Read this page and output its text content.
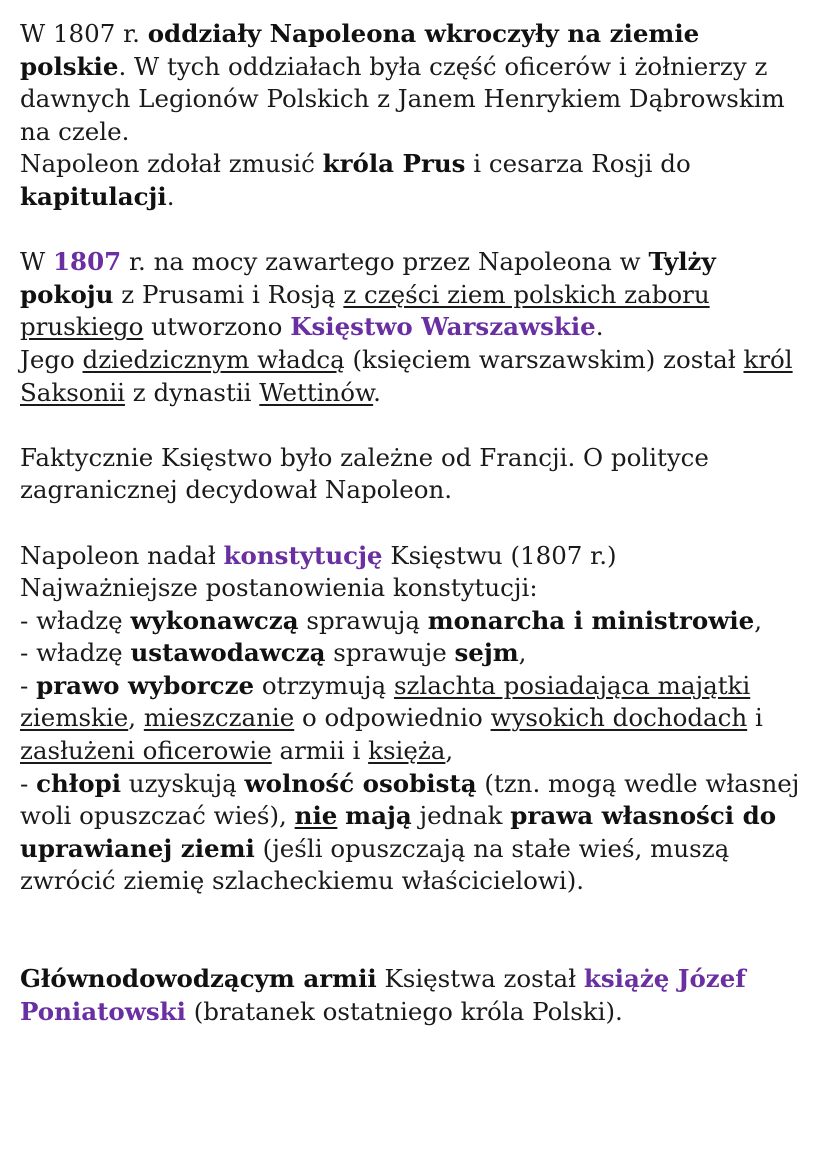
W 1807 r. oddziały Napoleona wkroczyły na ziemie polskie. W tych oddziałach była część oficerów i żołnierzy z dawnych Legionów Polskich z Janem Henrykiem Dąbrowskim na czele.
Napoleon zdołał zmusić króla Prus i cesarza Rosji do kapitulacji.

W 1807 r. na mocy zawartego przez Napoleona w Tylży pokoju z Prusami i Rosją z części ziem polskich zaboru pruskiego utworzono Księstwo Warszawskie.
Jego dziedzicznym władcą (księciem warszawskim) został król Saksonii z dynastii Wettinów.

Faktycznie Księstwo było zależne od Francji. O polityce zagranicznej decydował Napoleon.

Napoleon nadał konstytucję Księstwu (1807 r.)
Najważniejsze postanowienia konstytucji:
- władzę wykonawczą sprawują monarcha i ministrowie,
- władzę ustawodawczą sprawuje sejm,
- prawo wyborcze otrzymują szlachta posiadająca majątki ziemskie, mieszczanie o odpowiednio wysokich dochodach i zasłużeni oficerowie armii i księża,
- chłopi uzyskują wolność osobistą (tzn. mogą wedle własnej woli opuszczać wieś), nie mają jednak prawa własności do uprawianej ziemi (jeśli opuszczają na stałe wieś, muszą zwrócić ziemię szlacheckiemu właścicielowi).

Głównodowodzącym armii Księstwa został książę Józef Poniatowski (bratanek ostatniego króla Polski).
